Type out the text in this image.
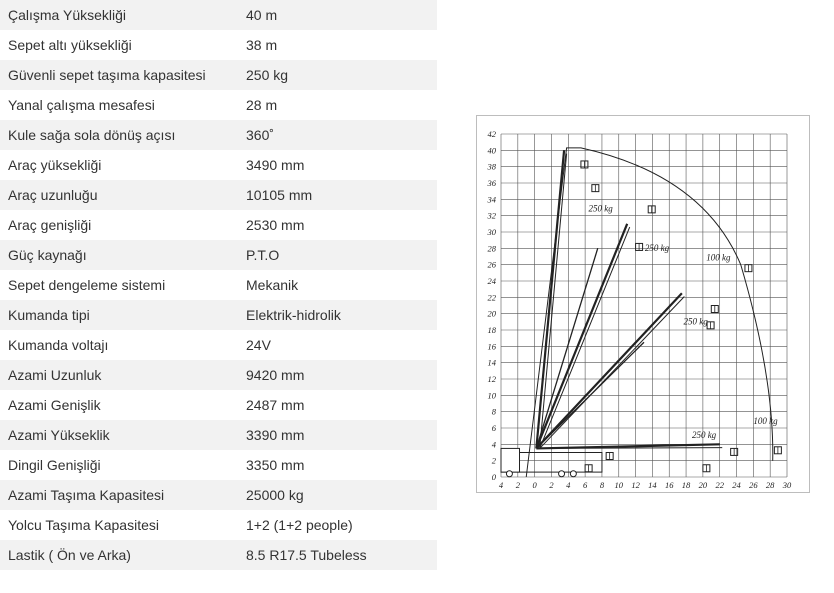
Çalışma Yüksekliği	40 m
Sepet altı yüksekliği	38 m
Güvenli sepet taşıma kapasitesi	250 kg
Yanal çalışma mesafesi	28 m
Kule sağa sola dönüş açısı	360˚
Araç yüksekliği	3490 mm
Araç uzunluğu	10105 mm
Araç genişliği	2530 mm
Güç kaynağı	P.T.O
Sepet dengeleme sistemi	Mekanik
Kumanda tipi	Elektrik-hidrolik
Kumanda voltajı	24V
Azami Uzunluk	9420 mm
Azami Genişlik	2487 mm
Azami Yükseklik	3390 mm
Dingil Genişliği	3350 mm
Azami Taşıma Kapasitesi	25000 kg
Yolcu Taşıma Kapasitesi	1+2 (1+2 people)
Lastik ( Ön ve Arka)	8.5 R17.5 Tubeless
42
40
38
36
34
32
30
28
26
24
22
20
18
16
14
12
10
8
6
4
2
0
4 2 0 2 4 6 8 10 12 14 16 18 20 22 24 26 28 30
250 kg
250 kg
100 kg
250 kg
250 kg
100 kg
